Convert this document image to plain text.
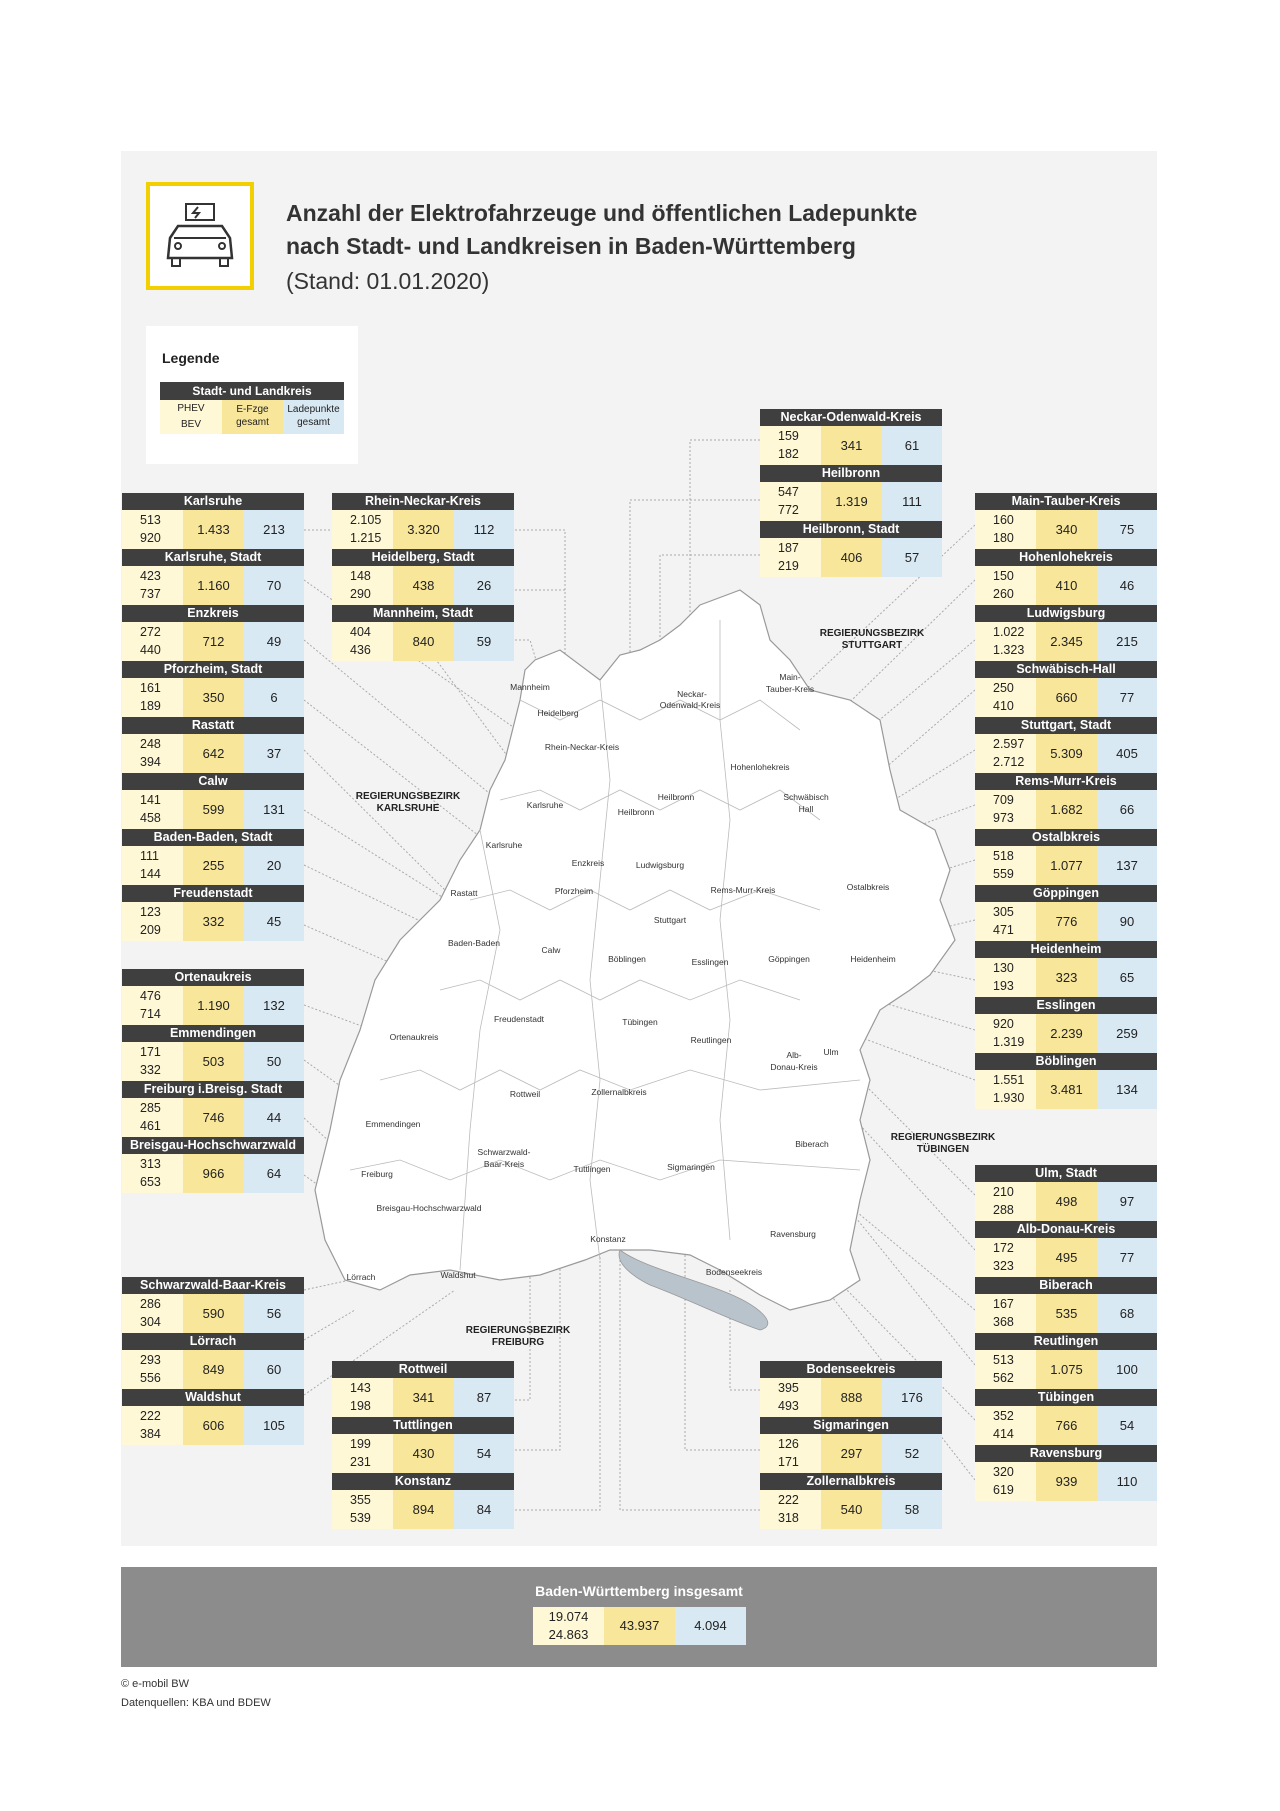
Anzahl der Elektrofahrzeuge und öffentlichen Ladepunkte
nach Stadt- und Landkreisen in Baden-Württemberg
(Stand: 01.01.2020)
Legende
Stadt- und Landkreis
PHEV
BEV
E-Fzge
gesamt
Ladepunkte
gesamt
REGIERUNGSBEZIRK
KARLSRUHE
REGIERUNGSBEZIRK
STUTTGART
REGIERUNGSBEZIRK
TÜBINGEN
REGIERUNGSBEZIRK
FREIBURG
Mannheim
Heidelberg
Rhein-Neckar-Kreis
Neckar-
Odenwald-Kreis
Main-
Tauber-Kreis
Hohenlohekreis
Heilbronn
Heilbronn
Schwäbisch
Hall
Karlsruhe
Karlsruhe
Enzkreis	Ludwigsburg
Pforzheim
Rastatt	Rems-Murr-Kreis	Ostalbkreis
Stuttgart
Baden-Baden
Calw
Böblingen	Esslingen	Göppingen	Heidenheim
Freudenstadt	Tübingen
Ortenaukreis	Reutlingen
Alb-
Donau-Kreis
Ulm
Rottweil	Zollernalbkreis
Emmendingen
Biberach
Schwarzwald-
Baar-Kreis	Tuttlingen	Sigmaringen
Freiburg
Breisgau-Hochschwarzwald
Konstanz	Ravensburg
Lörrach	Waldshut	Bodenseekreis
Karlsruhe
513
920
1.433	213
Karlsruhe, Stadt
423
737
1.160	70
Enzkreis
272
440
712	49
Pforzheim, Stadt
161
189
350	6
Rastatt
248
394
642	37
Calw
141
458
599	131
Baden-Baden, Stadt
111
144
255	20
Freudenstadt
123
209
332	45
Ortenaukreis
476
714
1.190	132
Emmendingen
171
332
503	50
Freiburg i.Breisg. Stadt
285
461
746	44
Breisgau-Hochschwarzwald
313
653
966	64
Schwarzwald-Baar-Kreis
286
304
590	56
Lörrach
293
556
849	60
Waldshut
222
384
606	105
Rhein-Neckar-Kreis
2.105
1.215
3.320	112
Heidelberg, Stadt
148
290
438	26
Mannheim, Stadt
404
436
840	59
Rottweil
143
198
341	87
Tuttlingen
199
231
430	54
Konstanz
355
539
894	84
Neckar-Odenwald-Kreis
159
182
341	61
Heilbronn
547
772
1.319	111
Heilbronn, Stadt
187
219
406	57
Bodenseekreis
395
493
888	176
Sigmaringen
126
171
297	52
Zollernalbkreis
222
318
540	58
Main-Tauber-Kreis
160
180
340	75
Hohenlohekreis
150
260
410	46
Ludwigsburg
1.022
1.323
2.345	215
Schwäbisch-Hall
250
410
660	77
Stuttgart, Stadt
2.597
2.712
5.309	405
Rems-Murr-Kreis
709
973
1.682	66
Ostalbkreis
518
559
1.077	137
Göppingen
305
471
776	90
Heidenheim
130
193
323	65
Esslingen
920
1.319
2.239	259
Böblingen
1.551
1.930
3.481	134
Ulm, Stadt
210
288
498	97
Alb-Donau-Kreis
172
323
495	77
Biberach
167
368
535	68
Reutlingen
513
562
1.075	100
Tübingen
352
414
766	54
Ravensburg
320
619
939	110
Baden-Württemberg insgesamt
19.074
24.863
43.937	4.094
© e-mobil BW
Datenquellen: KBA und BDEW
